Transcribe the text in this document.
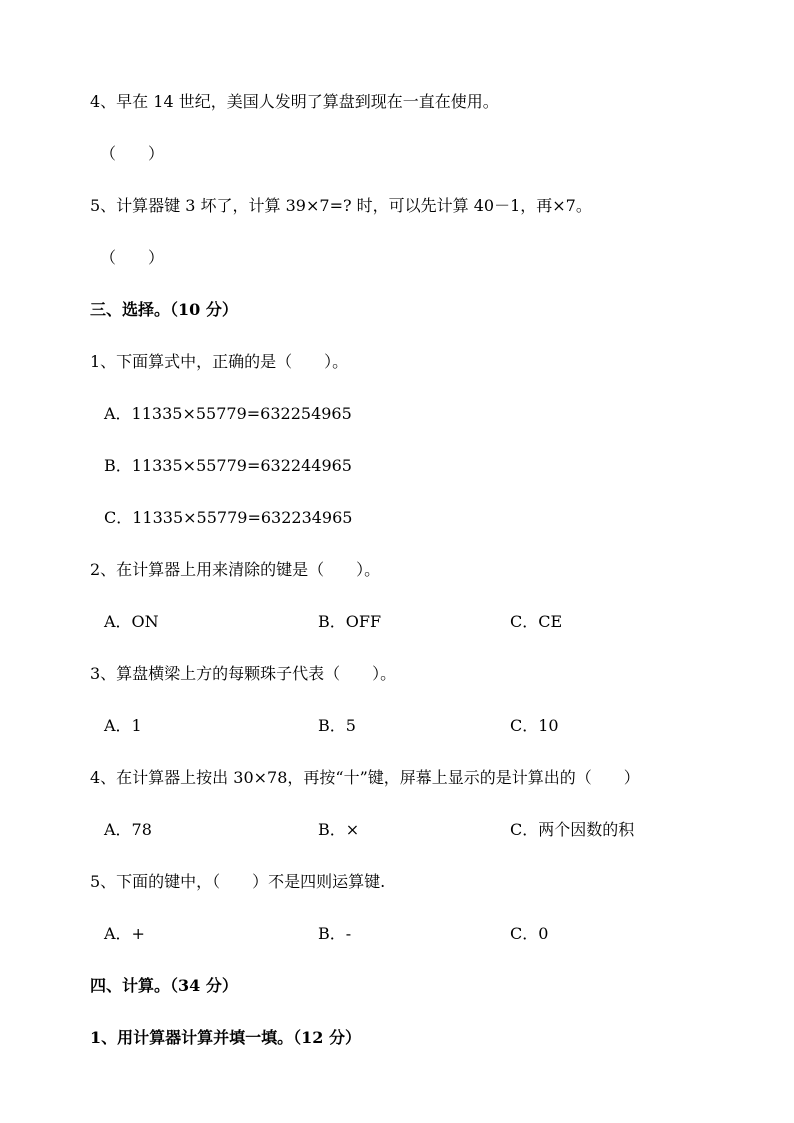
4、早在 14 世纪，美国人发明了算盘到现在一直在使用。
（　　）
5、计算器键 3 坏了，计算 39×7=? 时，可以先计算 40－1，再×7。
（　　）
三、选择。（10 分）
1、下面算式中，正确的是（　　）。
A．11335×55779=632254965
B．11335×55779=632244965
C．11335×55779=632234965
2、在计算器上用来清除的键是（　　）。
A．ON	B．OFF	C．CE
3、算盘横梁上方的每颗珠子代表（　　）。
A．1	B．5	C．10
4、在计算器上按出 30×78，再按“十”键，屏幕上显示的是计算出的（　　）
A．78	B．×	C．两个因数的积
5、下面的键中，（　　）不是四则运算键.
A．+	B．-	C．0
四、计算。（34 分）
1、用计算器计算并填一填。（12 分）
